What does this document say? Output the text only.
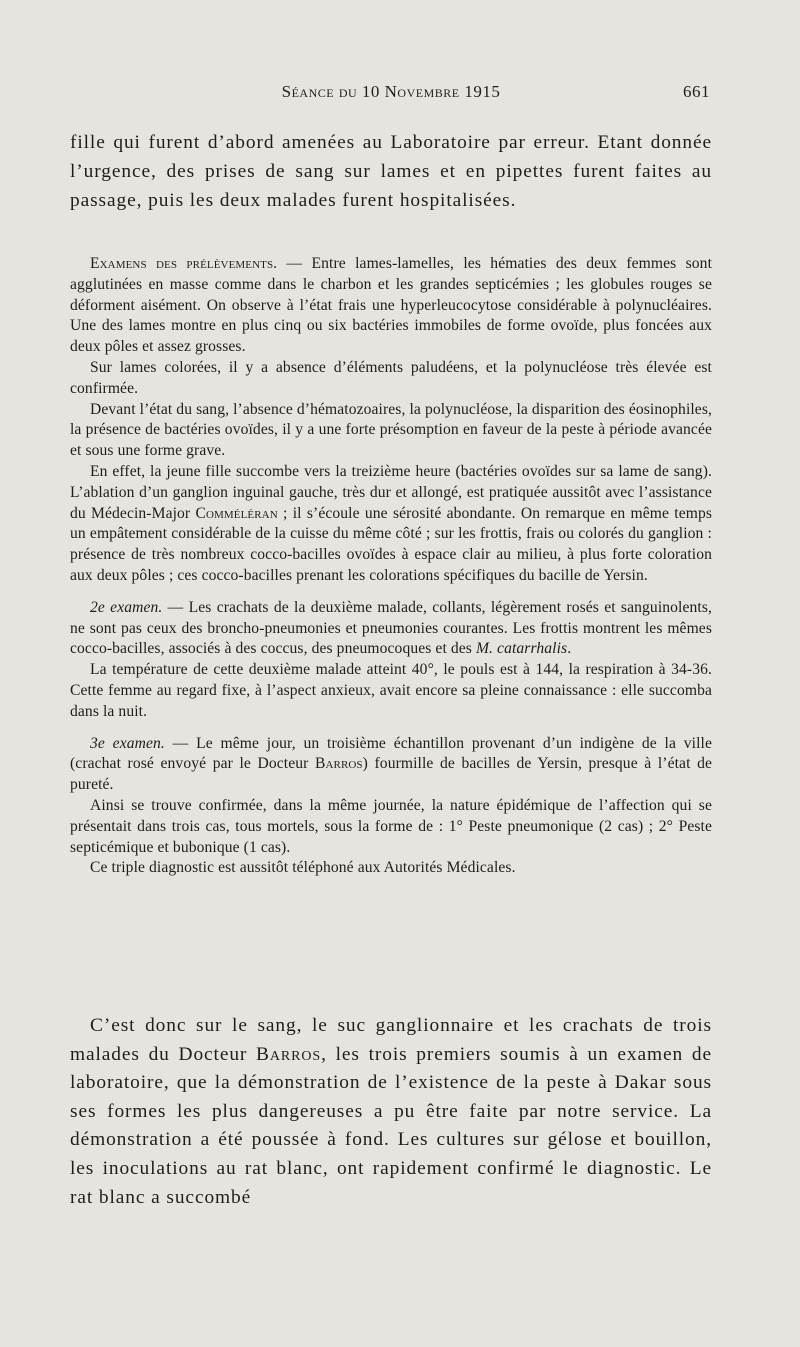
Séance du 10 Novembre 1915	661

fille qui furent d’abord amenées au Laboratoire par erreur. Etant donnée l’urgence, des prises de sang sur lames et en pipettes furent faites au passage, puis les deux malades furent hospitalisées.

Examens des prélèvements. — Entre lames-lamelles, les hématies des deux femmes sont agglutinées en masse comme dans le charbon et les grandes septicémies ; les globules rouges se déforment aisément. On observe à l’état frais une hyperleucocytose considérable à polynucléaires. Une des lames montre en plus cinq ou six bactéries immobiles de forme ovoïde, plus foncées aux deux pôles et assez grosses.

Sur lames colorées, il y a absence d’éléments paludéens, et la polynucléose très élevée est confirmée.

Devant l’état du sang, l’absence d’hématozoaires, la polynucléose, la disparition des éosinophiles, la présence de bactéries ovoïdes, il y a une forte présomption en faveur de la peste à période avancée et sous une forme grave.

En effet, la jeune fille succombe vers la treizième heure (bactéries ovoïdes sur sa lame de sang). L’ablation d’un ganglion inguinal gauche, très dur et allongé, est pratiquée aussitôt avec l’assistance du Médecin-Major Comméléran ; il s’écoule une sérosité abondante. On remarque en même temps un empâtement considérable de la cuisse du même côté ; sur les frottis, frais ou colorés du ganglion : présence de très nombreux cocco-bacilles ovoïdes à espace clair au milieu, à plus forte coloration aux deux pôles ; ces cocco-bacilles prenant les colorations spécifiques du bacille de Yersin.

2e examen. — Les crachats de la deuxième malade, collants, légèrement rosés et sanguinolents, ne sont pas ceux des broncho-pneumonies et pneumonies courantes. Les frottis montrent les mêmes cocco-bacilles, associés à des coccus, des pneumocoques et des M. catarrhalis.

La température de cette deuxième malade atteint 40°, le pouls est à 144, la respiration à 34-36. Cette femme au regard fixe, à l’aspect anxieux, avait encore sa pleine connaissance : elle succomba dans la nuit.

3e examen. — Le même jour, un troisième échantillon provenant d’un indigène de la ville (crachat rosé envoyé par le Docteur Barros) fourmille de bacilles de Yersin, presque à l’état de pureté.

Ainsi se trouve confirmée, dans la même journée, la nature épidémique de l’affection qui se présentait dans trois cas, tous mortels, sous la forme de : 1° Peste pneumonique (2 cas) ; 2° Peste septicémique et bubonique (1 cas).

Ce triple diagnostic est aussitôt téléphoné aux Autorités Médicales.

C’est donc sur le sang, le suc ganglionnaire et les crachats de trois malades du Docteur Barros, les trois premiers soumis à un examen de laboratoire, que la démonstration de l’existence de la peste à Dakar sous ses formes les plus dangereuses a pu être faite par notre service. La démonstration a été poussée à fond. Les cultures sur gélose et bouillon, les inoculations au rat blanc, ont rapidement confirmé le diagnostic. Le rat blanc a succombé
